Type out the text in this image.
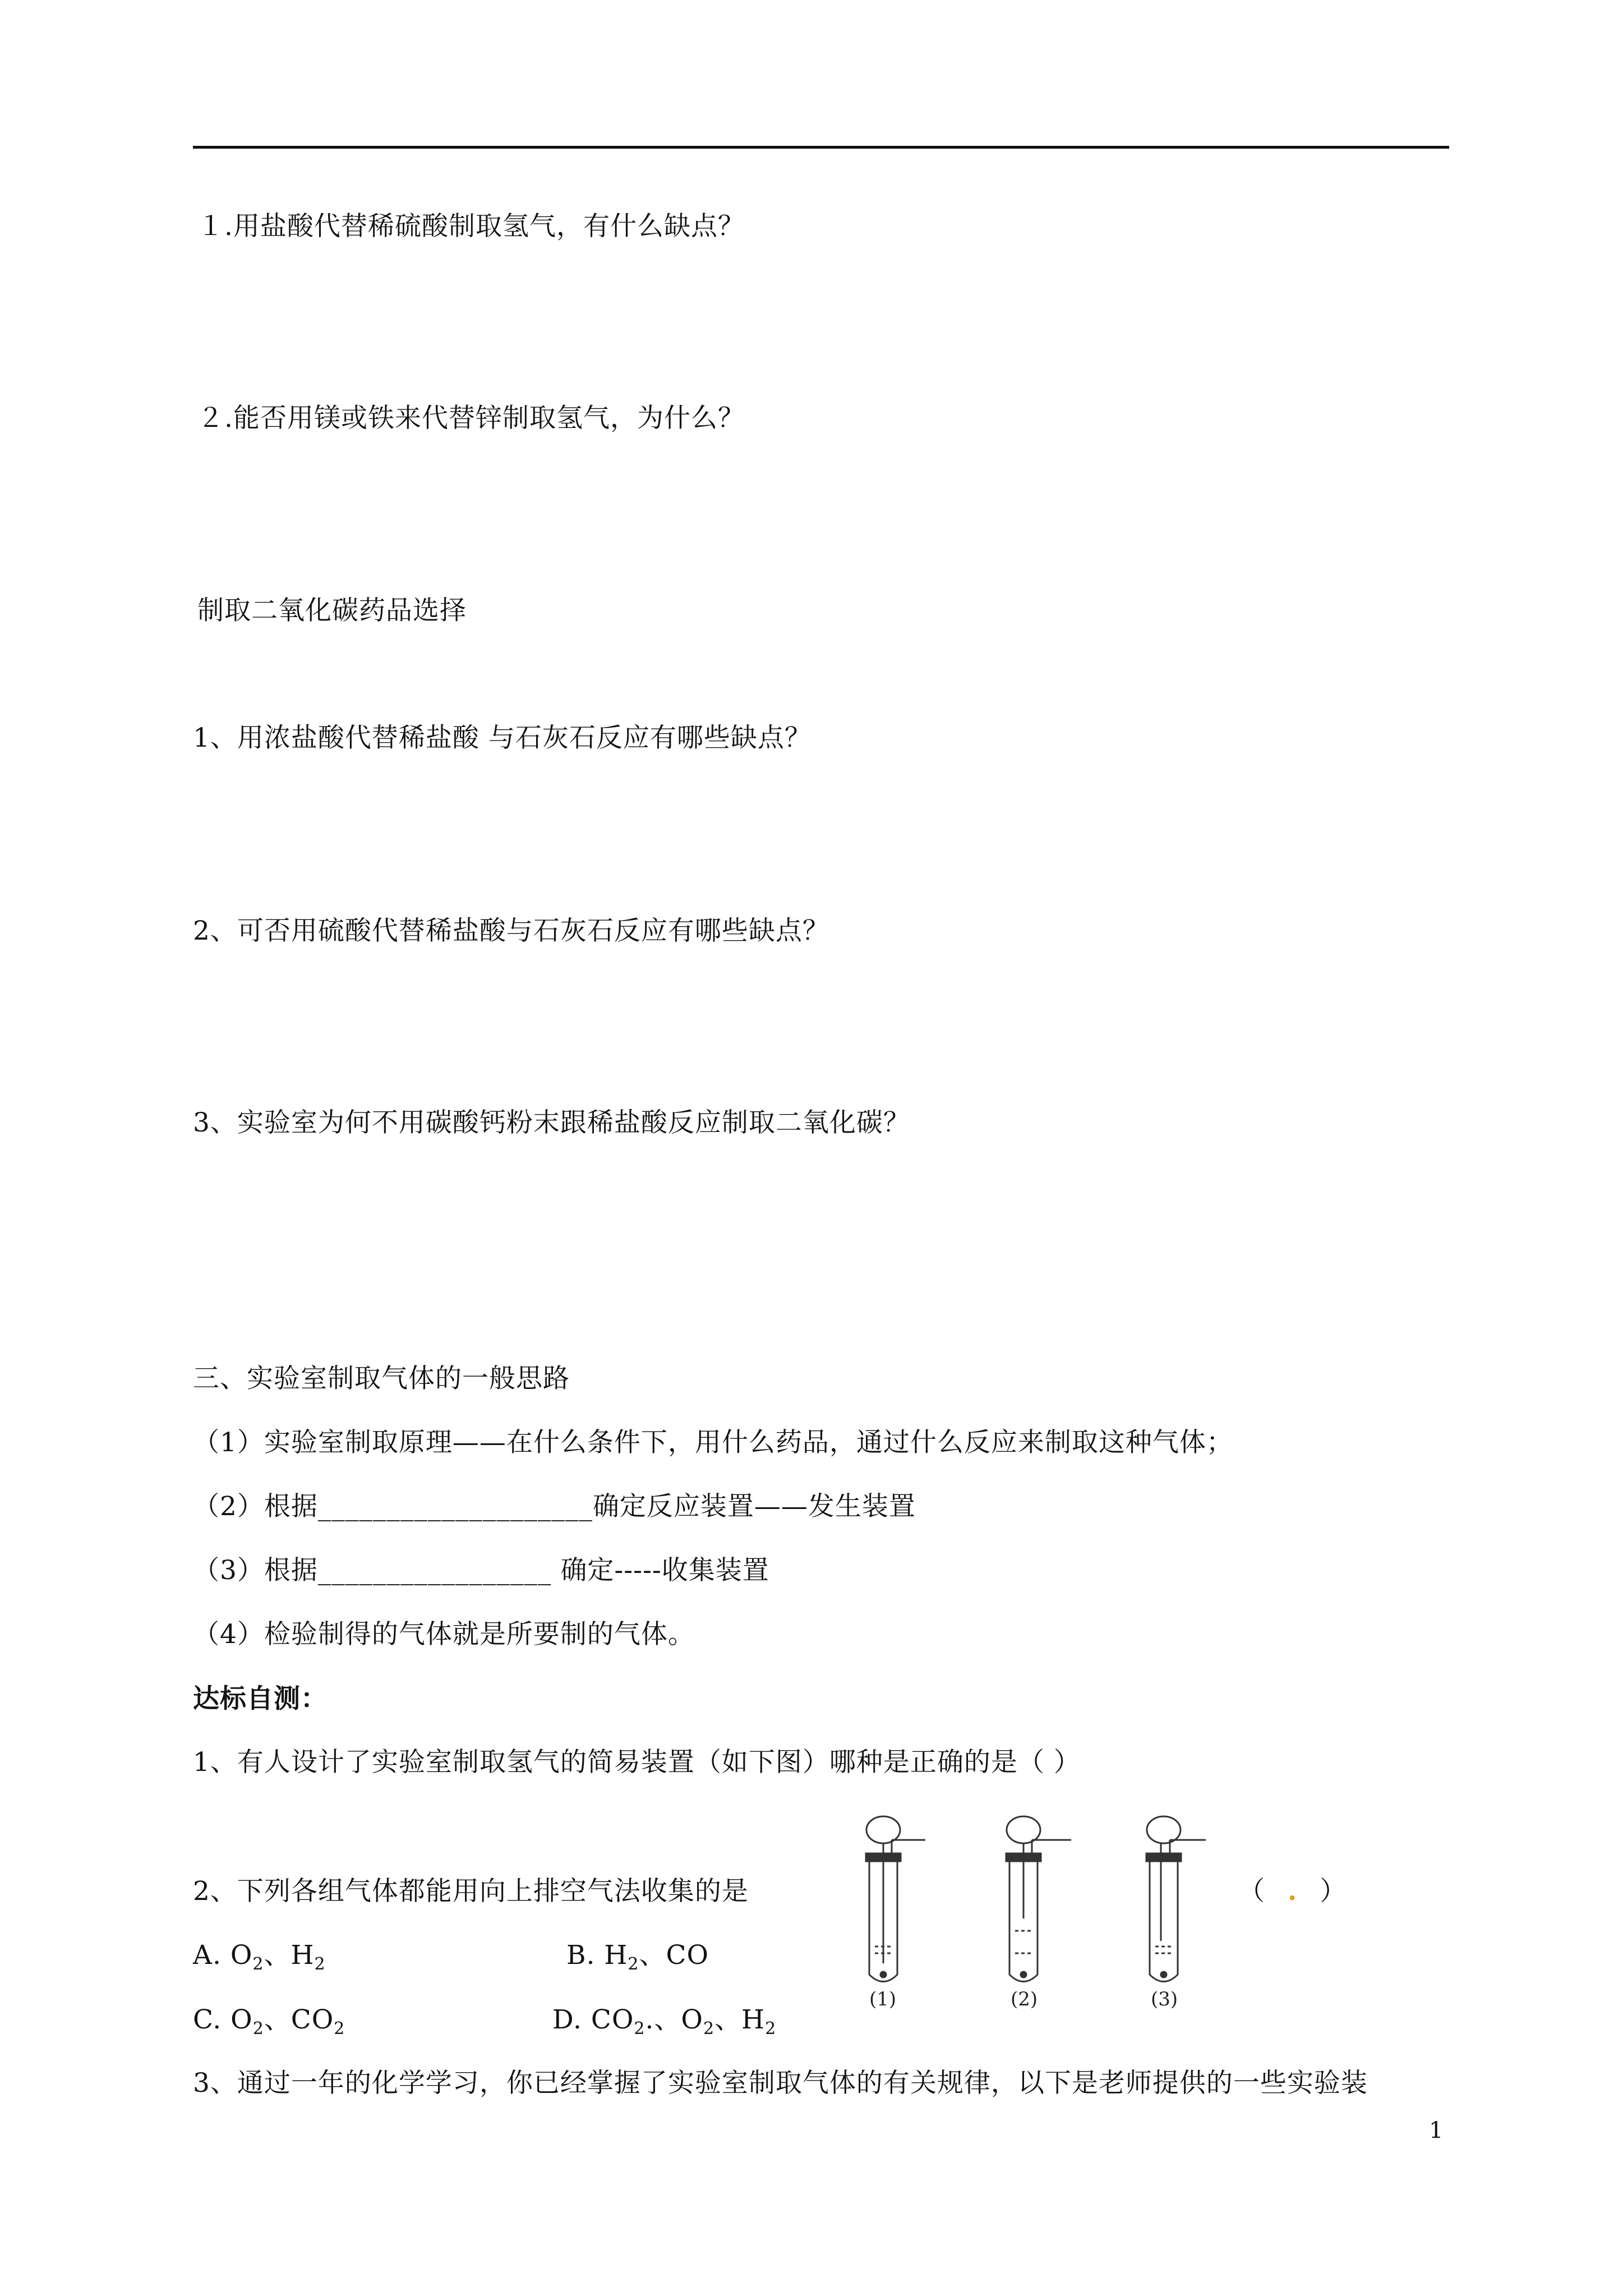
１.用盐酸代替稀硫酸制取氢气，有什么缺点？
２.能否用镁或铁来代替锌制取氢气，为什么？
制取二氧化碳药品选择
1、用浓盐酸代替稀盐酸 与石灰石反应有哪些缺点？
2、可否用硫酸代替稀盐酸与石灰石反应有哪些缺点？
3、实验室为何不用碳酸钙粉末跟稀盐酸反应制取二氧化碳？
三、实验室制取气体的一般思路
（1）实验室制取原理——在什么条件下，用什么药品，通过什么反应来制取这种气体；
（2）根据____________________确定反应装置——发生装置
（3）根据_________________ 确定-----收集装置
（4）检验制得的气体就是所要制的气体。
达标自测：
1、有人设计了实验室制取氢气的简易装置（如下图）哪种是正确的是（ ）
2、下列各组气体都能用向上排空气法收集的是	（ . ）
A. $O_2$、$H_2$	B. $H_2$、CO
C. $O_2$、$CO_2$	D. $CO_2$.、$O_2$、$H_2$
3、通过一年的化学学习，你已经掌握了实验室制取气体的有关规律，以下是老师提供的一些实验装
(1)	(2)	(3)
1
